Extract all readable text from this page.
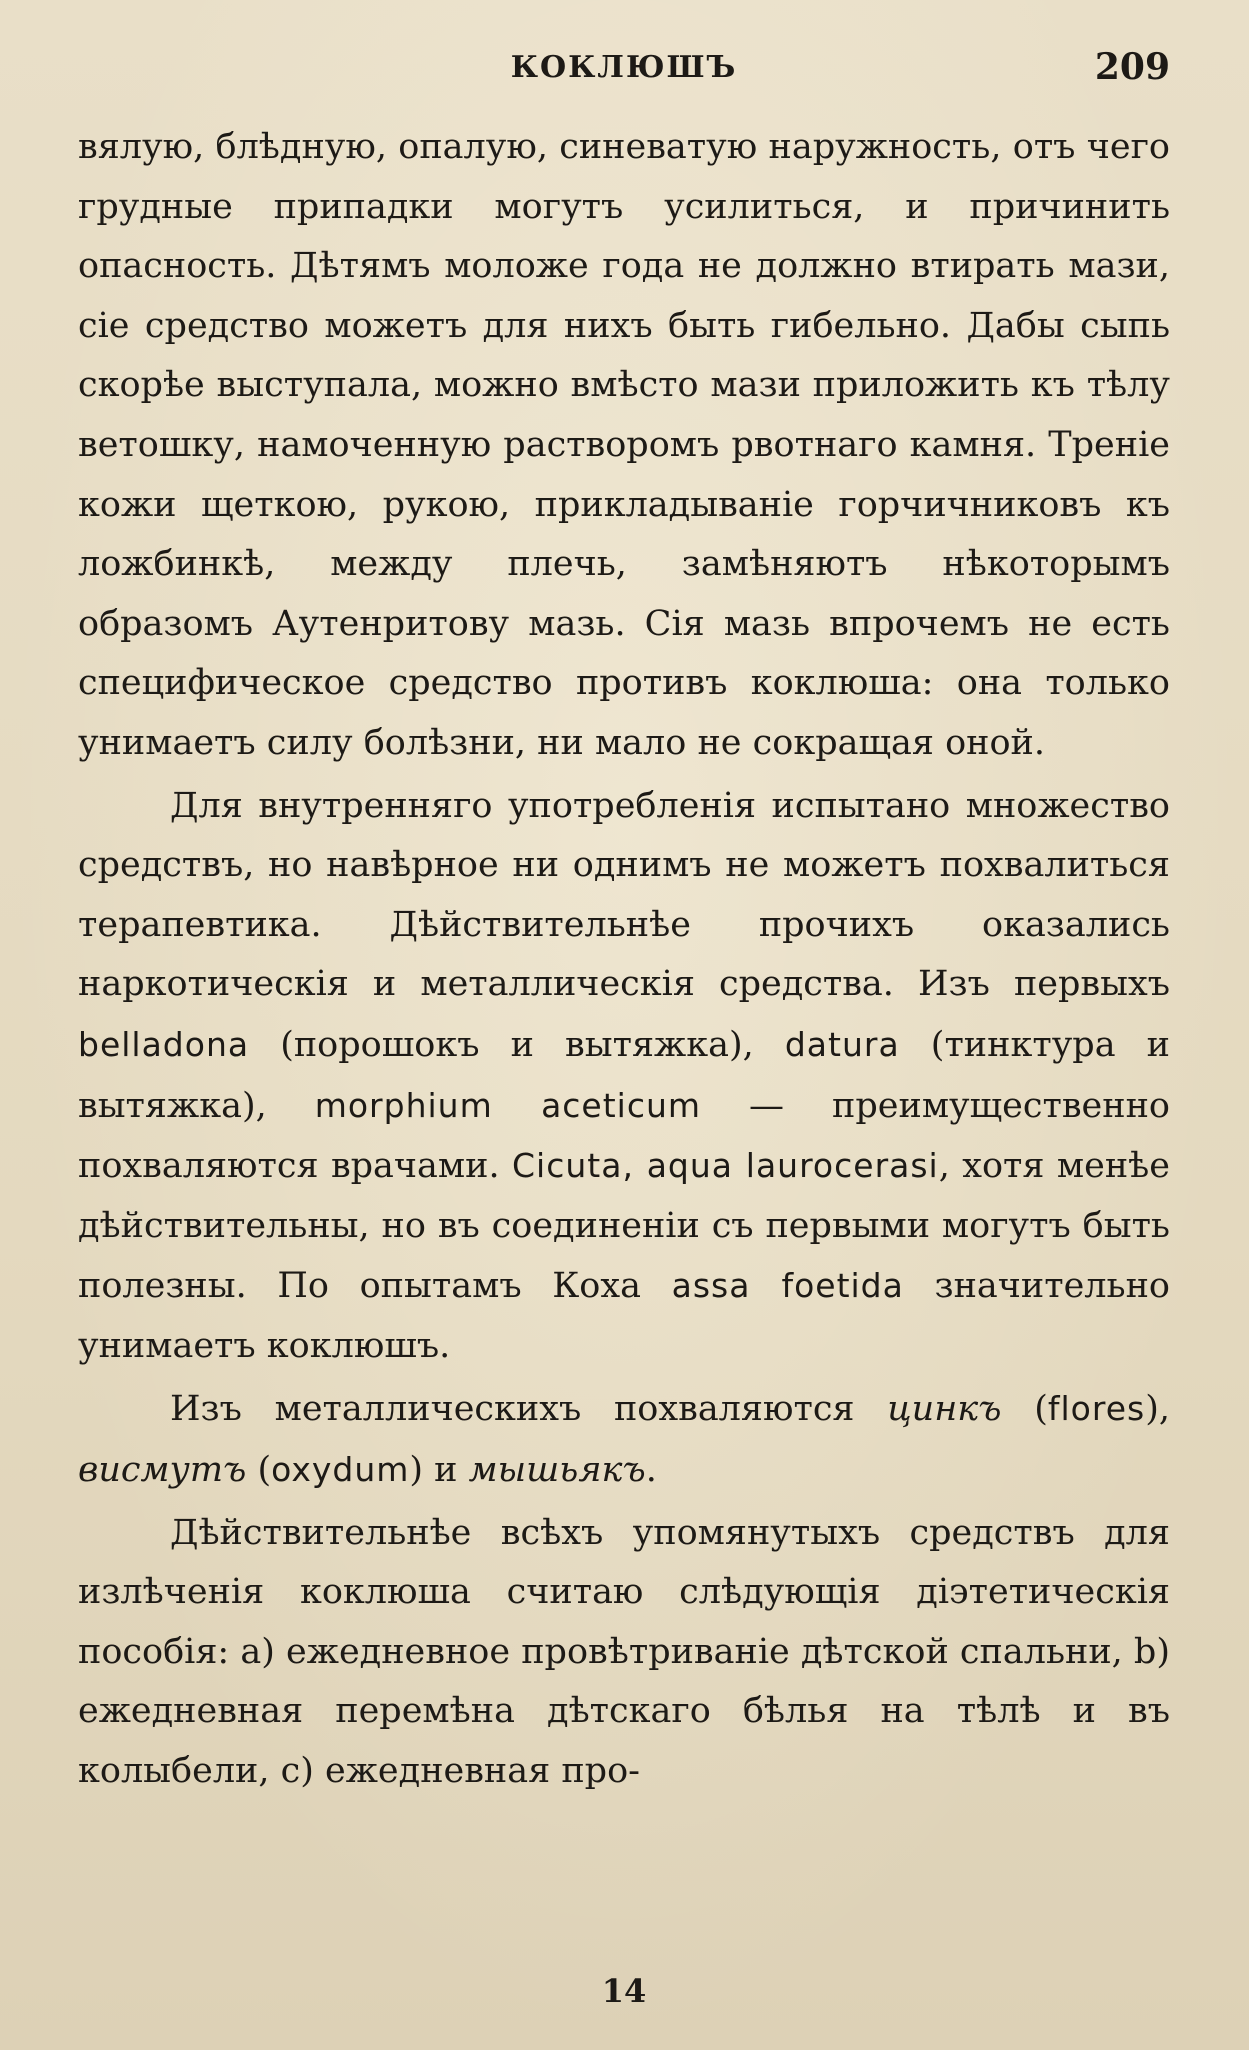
КОКЛЮШЪ	209

вялую, блѣдную, опалую, синеватую наружность, отъ чего грудные припадки могутъ усилиться, и причинить опасность. Дѣтямъ моложе года не должно втирать мази, сіе средство можетъ для нихъ быть гибельно. Дабы сыпь скорѣе выступала, можно вмѣсто мази приложить къ тѣлу ветошку, намоченную растворомъ рвотнаго камня. Треніе кожи щеткою, рукою, прикладываніе горчичниковъ къ ложбинкѣ, между плечь, замѣняютъ нѣкоторымъ образомъ Аутенритову мазь. Сія мазь впрочемъ не есть специфическое средство противъ коклюша: она только унимаетъ силу болѣзни, ни мало не сокращая оной.

Для внутренняго употребленія испытано множество средствъ, но навѣрное ни однимъ не можетъ похвалиться терапевтика. Дѣйствительнѣе прочихъ оказались наркотическія и металлическія средства. Изъ первыхъ belladona (порошокъ и вытяжка), datura (тинктура и вытяжка), morphium aceticum — преимущественно похваляются врачами. Cicuta, aqua laurocerasi, хотя менѣе дѣйствительны, но въ соединеніи съ первыми могутъ быть полезны. По опытамъ Коха assa foetida значительно унимаетъ коклюшъ.

Изъ металлическихъ похваляются цинкъ (flores), висмутъ (oxydum) и мышьякъ.

Дѣйствительнѣе всѣхъ упомянутыхъ средствъ для излѣченія коклюша считаю слѣдующія діэтетическія пособія: а) ежедневное провѣтриваніе дѣтской спальни, b) ежедневная перемѣна дѣтскаго бѣлья на тѣлѣ и въ колыбели, с) ежедневная про-

14
